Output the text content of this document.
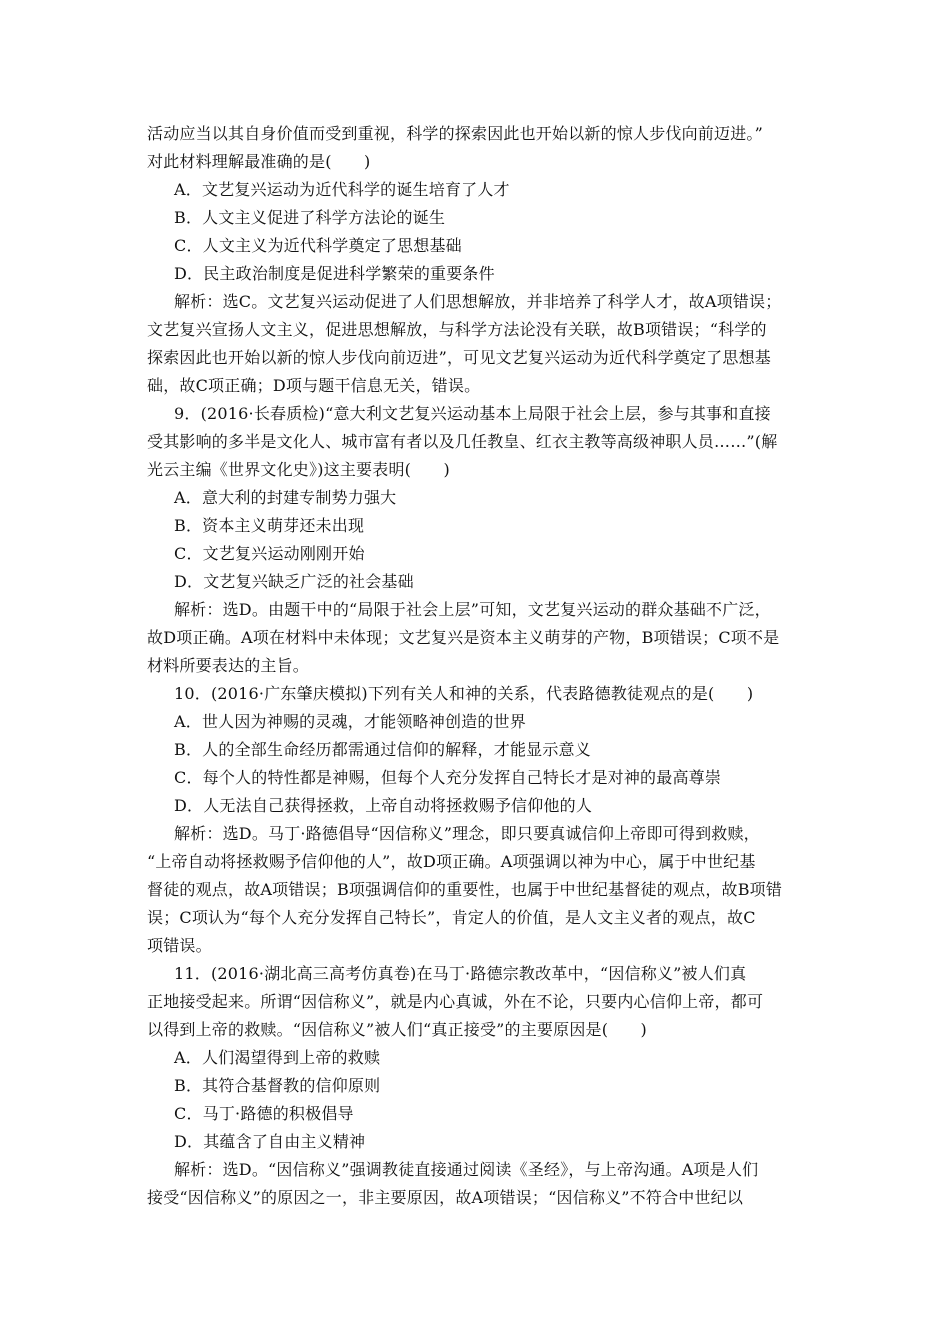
活动应当以其自身价值而受到重视，科学的探索因此也开始以新的惊人步伐向前迈进。”
对此材料理解最准确的是(　　)
A．文艺复兴运动为近代科学的诞生培育了人才
B．人文主义促进了科学方法论的诞生
C．人文主义为近代科学奠定了思想基础
D．民主政治制度是促进科学繁荣的重要条件
解析：选C。文艺复兴运动促进了人们思想解放，并非培养了科学人才，故A项错误；
文艺复兴宣扬人文主义，促进思想解放，与科学方法论没有关联，故B项错误；“科学的
探索因此也开始以新的惊人步伐向前迈进”，可见文艺复兴运动为近代科学奠定了思想基
础，故C项正确；D项与题干信息无关，错误。
9．(2016·长春质检)“意大利文艺复兴运动基本上局限于社会上层，参与其事和直接
受其影响的多半是文化人、城市富有者以及几任教皇、红衣主教等高级神职人员……”(解
光云主编《世界文化史》)这主要表明(　　)
A．意大利的封建专制势力强大
B．资本主义萌芽还未出现
C．文艺复兴运动刚刚开始
D．文艺复兴缺乏广泛的社会基础
解析：选D。由题干中的“局限于社会上层”可知，文艺复兴运动的群众基础不广泛，
故D项正确。A项在材料中未体现；文艺复兴是资本主义萌芽的产物，B项错误；C项不是
材料所要表达的主旨。
10．(2016·广东肇庆模拟)下列有关人和神的关系，代表路德教徒观点的是(　　)
A．世人因为神赐的灵魂，才能领略神创造的世界
B．人的全部生命经历都需通过信仰的解释，才能显示意义
C．每个人的特性都是神赐，但每个人充分发挥自己特长才是对神的最高尊崇
D．人无法自己获得拯救，上帝自动将拯救赐予信仰他的人
解析：选D。马丁·路德倡导“因信称义”理念，即只要真诚信仰上帝即可得到救赎，
“上帝自动将拯救赐予信仰他的人”，故D项正确。A项强调以神为中心，属于中世纪基
督徒的观点，故A项错误；B项强调信仰的重要性，也属于中世纪基督徒的观点，故B项错
误；C项认为“每个人充分发挥自己特长”，肯定人的价值，是人文主义者的观点，故C
项错误。
11．(2016·湖北高三高考仿真卷)在马丁·路德宗教改革中，“因信称义”被人们真
正地接受起来。所谓“因信称义”，就是内心真诚，外在不论，只要内心信仰上帝，都可
以得到上帝的救赎。“因信称义”被人们“真正接受”的主要原因是(　　)
A．人们渴望得到上帝的救赎
B．其符合基督教的信仰原则
C．马丁·路德的积极倡导
D．其蕴含了自由主义精神
解析：选D。“因信称义”强调教徒直接通过阅读《圣经》，与上帝沟通。A项是人们
接受“因信称义”的原因之一，非主要原因，故A项错误；“因信称义”不符合中世纪以
